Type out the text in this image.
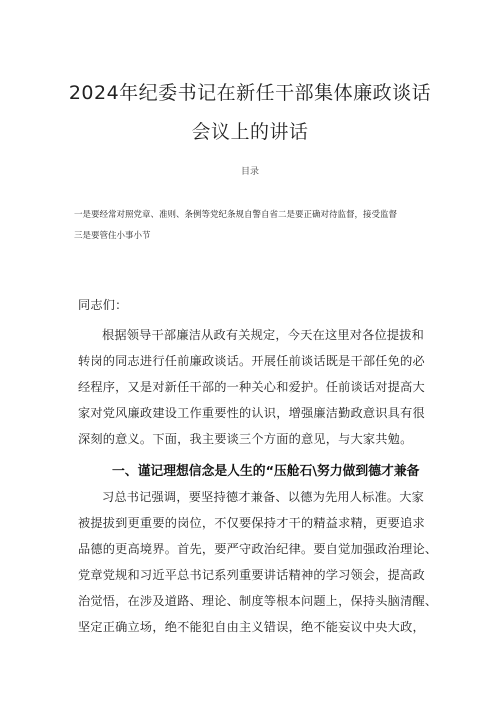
2024年纪委书记在新任干部集体廉政谈话
会议上的讲话
目录
一是要经常对照党章、准则、条例等党纪条规自警自省二是要正确对待监督，接受监督
三是要管住小事小节
同志们：
根据领导干部廉洁从政有关规定，今天在这里对各位提拔和
转岗的同志进行任前廉政谈话。开展任前谈话既是干部任免的必
经程序，又是对新任干部的一种关心和爱护。任前谈话对提高大
家对党风廉政建设工作重要性的认识，增强廉洁勤政意识具有很
深刻的意义。下面，我主要谈三个方面的意见，与大家共勉。
一、谨记理想信念是人生的“压舱石\努力做到德才兼备
习总书记强调，要坚持德才兼备、以德为先用人标准。大家
被提拔到更重要的岗位，不仅要保持才干的精益求精，更要追求
品德的更高境界。首先，要严守政治纪律。要自觉加强政治理论、
党章党规和习近平总书记系列重要讲话精神的学习领会，提高政
治觉悟，在涉及道路、理论、制度等根本问题上，保持头脑清醒、
坚定正确立场，绝不能犯自由主义错误，绝不能妄议中央大政，
